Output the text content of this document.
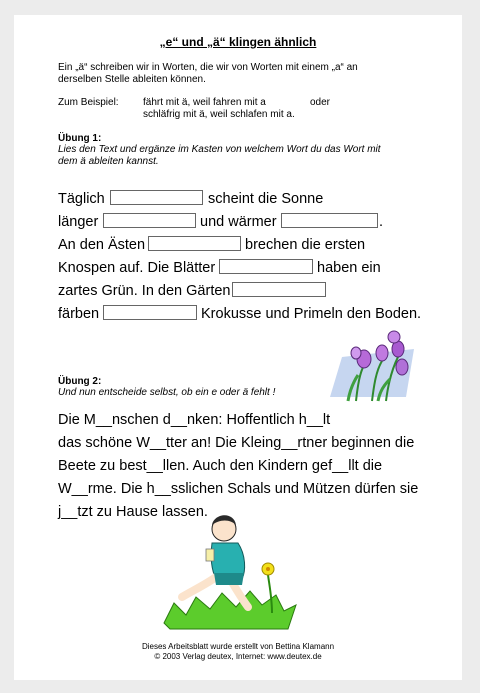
„e“ und „ä“ klingen ähnlich
Ein „ä“ schreiben wir in Worten, die wir von Worten mit einem „a“ an
derselben Stelle ableiten können.
Zum Beispiel: fährt mit ä, weil fahren mit a	oder
schläfrig mit ä, weil schlafen mit a.
Übung 1:
Lies den Text und ergänze im Kasten von welchem Wort du das Wort mit
dem ä ableiten kannst.
Täglich	scheint die Sonne
länger	und wärmer	.
An den Ästen	brechen die ersten
Knospen auf. Die Blätter	haben ein
zartes Grün. In den Gärten
färben	Krokusse und Primeln den Boden.
Übung 2:
Und nun entscheide selbst, ob ein e oder ä fehlt !
Die M__nschen d__nken: Hoffentlich h__lt
das schöne W__tter an! Die Kleing__rtner beginnen die
Beete zu best__llen. Auch den Kindern gef__llt die
W__rme. Die h__sslichen Schals und Mützen dürfen sie
j__tzt zu Hause lassen.
Dieses Arbeitsblatt wurde erstellt von Bettina Klamann
© 2003 Verlag deutex, Internet: www.deutex.de
